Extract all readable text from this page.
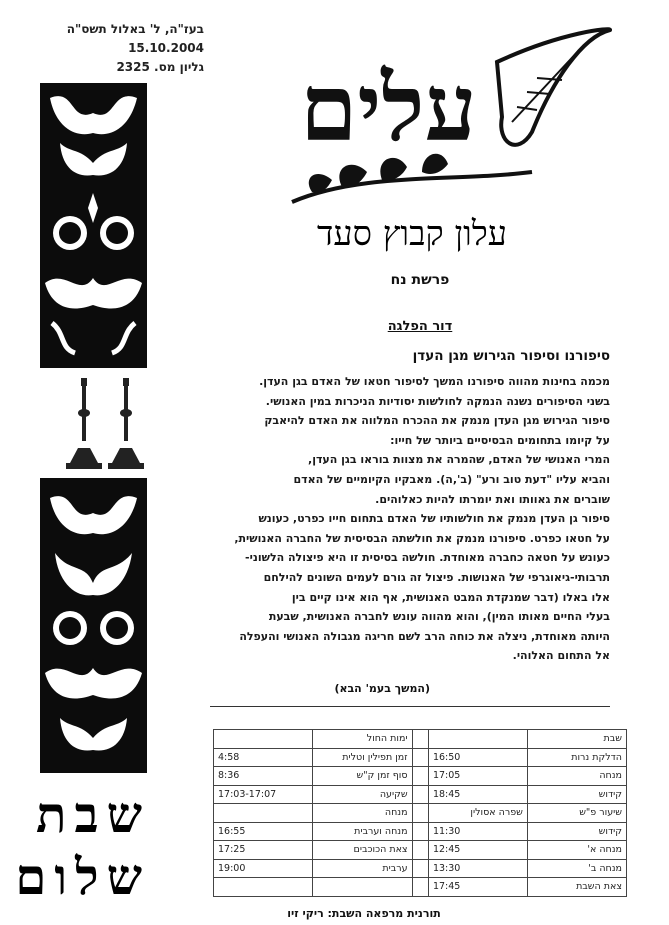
בעז"ה, ל' באלול תשס"ה
15.10.2004
גליון מס. 2325
שבת
שלום
עלים
עלון קבוץ סעד
פרשת נח
דור הפלגה
סיפורנו וסיפור הגירוש מגן העדן

מכמה בחינות מהווה סיפורנו המשך לסיפור חטאו של האדם בגן העדן.

בשני הסיפורים נשנה הנמקה לחולשות יסודיות הניכרות במין האנושי.

סיפור הגירוש מגן העדן מנמק את ההכרח המלווה את האדם להיאבק

על קיומו בתחומים הבסיסיים ביותר של חייו:

המרי האנושי של האדם, שהמרה את מצוות בוראו בגן העדן,

והביא עליו "דעת טוב ורע" (ב',ה). מאבקיו הקיומיים של האדם

שוברים את גאוותו ואת יומרתו להיות כאלוהים.

סיפור גן העדן מנמק את חולשותיו של האדם בתחום חייו כפרט, כעונש

על חטאו כפרט. סיפורנו מנמק את חולשתה הבסיסית של החברה האנושית,

כעונש על חטאה כחברה מאוחדת. חולשה בסיסית זו היא פיצולה הלשוני-

תרבותי-גיאוגרפי של האנושות. פיצול זה גורם לעמים השונים להילחם

אלו באלו (דבר שמנקדת המבט האנושית, אף הוא אינו קיים בין

בעלי החיים מאותו המין), והוא מהווה עונש לחברה האנושית, שבעת

היותה מאוחדת, ניצלה את כוחה הרב לשם חריגה מגבולה האנושי והעפלה

אל התחום האלוהי.

(המשך בעמ' הבא)
שבת			ימות החול	
הדלקת נרות	16:50		זמן תפילין וטלית	4:58
מנחה	17:05		סוף זמן ק"ש	8:36
קידוש	18:45		שקיעה	17:03-17:07
שיעור פ"ש	שפרה אסולין		מנחה	
קידוש	11:30		מנחה וערבית	16:55
מנחה א'	12:45		צאת הכוכבים	17:25
מנחה ב'	13:30		ערבית	19:00
צאת השבת	17:45			
תורנית מרפאה השבת: ריקי זיו
